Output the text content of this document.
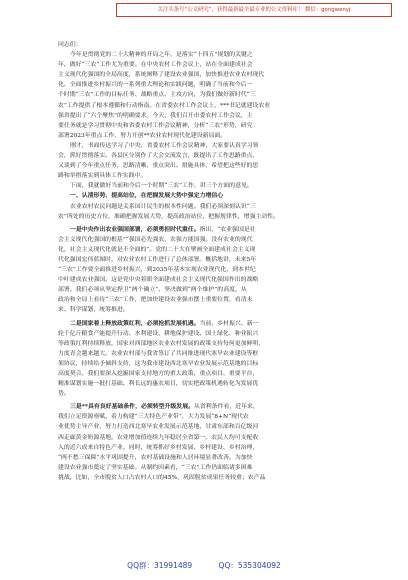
关注头条号“公文研究”，获得最新最全最专业的公文资料库！ 微信：gongwenyj
同志们：
今年是贯彻党的二十大精神的开局之年，是落实“十四五”规划的关键之
年，做好“三农”工作尤为重要。在中央农村工作会议上，站在全面建成社会
主义现代化强国的全局高度，系统阐释了建设农业强国，加快推进农业农村现代
化、全面推进乡村振兴的一系列重大理论和实践问题，明确了当前和今后一
个时期“三农”工作的目标任务、战略重点、主攻方向，为我们做好新时代“三
农”工作提供了根本遵循和行动指南。在省委农村工作会议上，***书记就建设农业
强省提出了“六个聚焦”的明确要求。今天，我们召开市委农村工作会议，主
要任务就是学习贯彻中央和省委农村工作会议精神，分析“三农”形势，研究
部署2023年重点工作，努力开创**农业农村现代化建设新局面。
刚才，书面传达学习了中央、省委农村工作会议精神，大家要认真学习领
会，抓好贯彻落实。各县区分别作了大会交流发言，既提出了工作思路重点，
又谈到了今年重点任务，思路清晰、重点突出、措施具体，希望把这些好的思
路和举措落实到具体工作实践中。
下面，我就做好当前和今后一个时期“三农”工作，讲三个方面的意见。
一、认清形势、提高站位，在把握发展大势中强定力增信心
农业农村农民问题是关系国计民生的根本性问题。我们必须深刻认识“三
农”所处的历史方位，准确把握发展大势，提高政治站位，把握规律性，增强主动性。
一是中央作出农业强国部署，必须勇担时代重任。指出，“农业强国是社
会主义现代化强国的根基”“强国必先强农，农强方能国强。没有农业的现代
化，社会主义现代化就是不全面的”。党的二十大在擘画全面建成社会主义现
代化强国宏伟蓝图时，对农业农村工作进行了总体部署。概括地讲，未来5年
“三农”工作要全面推进乡村振兴，到2035年基本实现农业现代化，到本世纪
中叶建成农业强国。这是党中央着眼全面建成社会主义现代化强国作出的战略
部署。我们必须从坚定捍卫“两个确立”、坚决做到“两个维护”的高度，从
政治和全局上看待“三农”工作，把加快建设农业强市摆上重要位置，看清未
来、科学谋划，统筹推进。
二是国家着上释放政策红利，必须抢抓发展机遇。当前，乡村振兴、新一
轮千亿斤粮食产能提升行动、水利建设、耕地保护建设、国土绿化、种业振兴
等政策红利持续释放，国家对西部地区农业农村发展的政策支持每何更加鲜明，
力度青会越来越大。农业农村部与我省签订了共同推进现代寒旱农业建设等框
架协议，持续给予倾斜支持，这为我市建设西北寒旱农业发展示范基地的目标
高度契合。我们要深入挖掘国家支持地方的重大政策，重点项目、重要平台，
精准谋划实施一批打基础、利长远的惠农项目，切实把政策机遇转化为发展优
势。
三是**具有良好基础条件，必须转型升级发展。从省利条件看，近年来，
我们立足资源禀赋，着力构建“三大特色产业带”，大力发展“8+N”现代农
业优势主导产业，努力打造西北寒旱农业发展示范基地，甘肃东部和百亿级河
西走廊黄金奶源基地。农业增加值连续九年稳居全省第一。农民人均可支配收
入的近六成来自特色产业。同时，统筹抓好乡村发展、乡村建设、乡村治理，
“两不愁三保障”水平巩固提升，农村基础设施和人居环境显著改善。为加快
建设农业强市奠定了坚实基础。从制约因素看，“三农”工作仍面临诸多困难
挑战，比如，全市脱贫人口占农村人口的45%，巩固脱贫成果任务较重；农产品
QQ群：31991489	QQ：535304092
